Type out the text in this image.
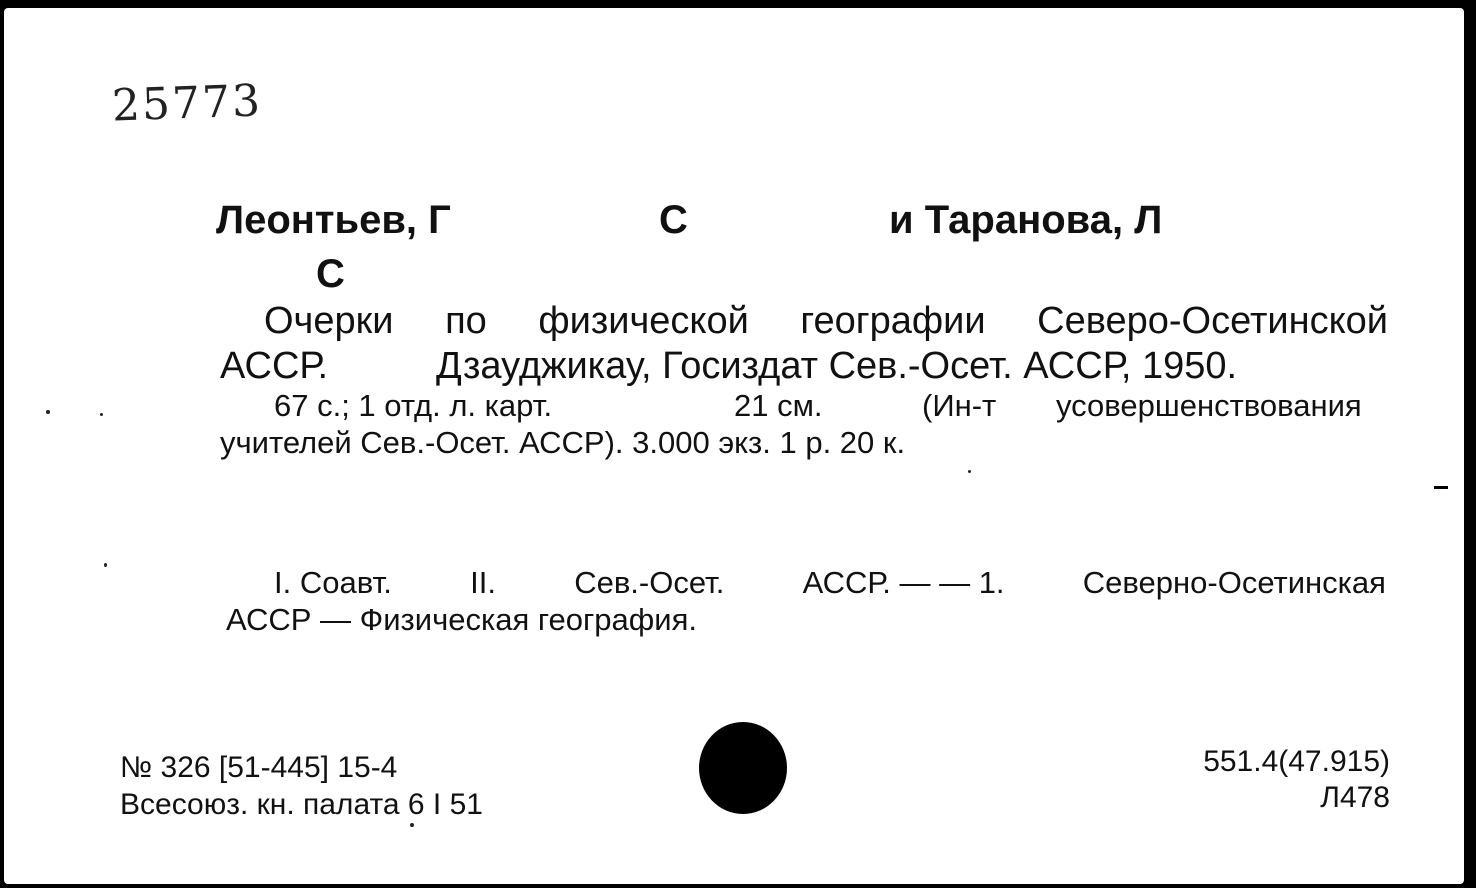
25773
Леонтьев, Г	С	и Таранова, Л
С
Очерки по физической географии Северо-Осетинской
АССР.	Дзауджикау, Госиздат Сев.-Осет. АССР, 1950.
67 с.; 1 отд. л. карт.	21 см.	(Ин-т усовершенствования
учителей Сев.-Осет. АССР). 3.000 экз. 1 р. 20 к.
I. Соавт.	II.	Сев.-Осет.	АССР. — — 1.	Северно-Осетинская
АССР — Физическая география.
№ 326 [51-445] 15-4
Всесоюз. кн. палата 6 I 51
551.4(47.915)
Л478
